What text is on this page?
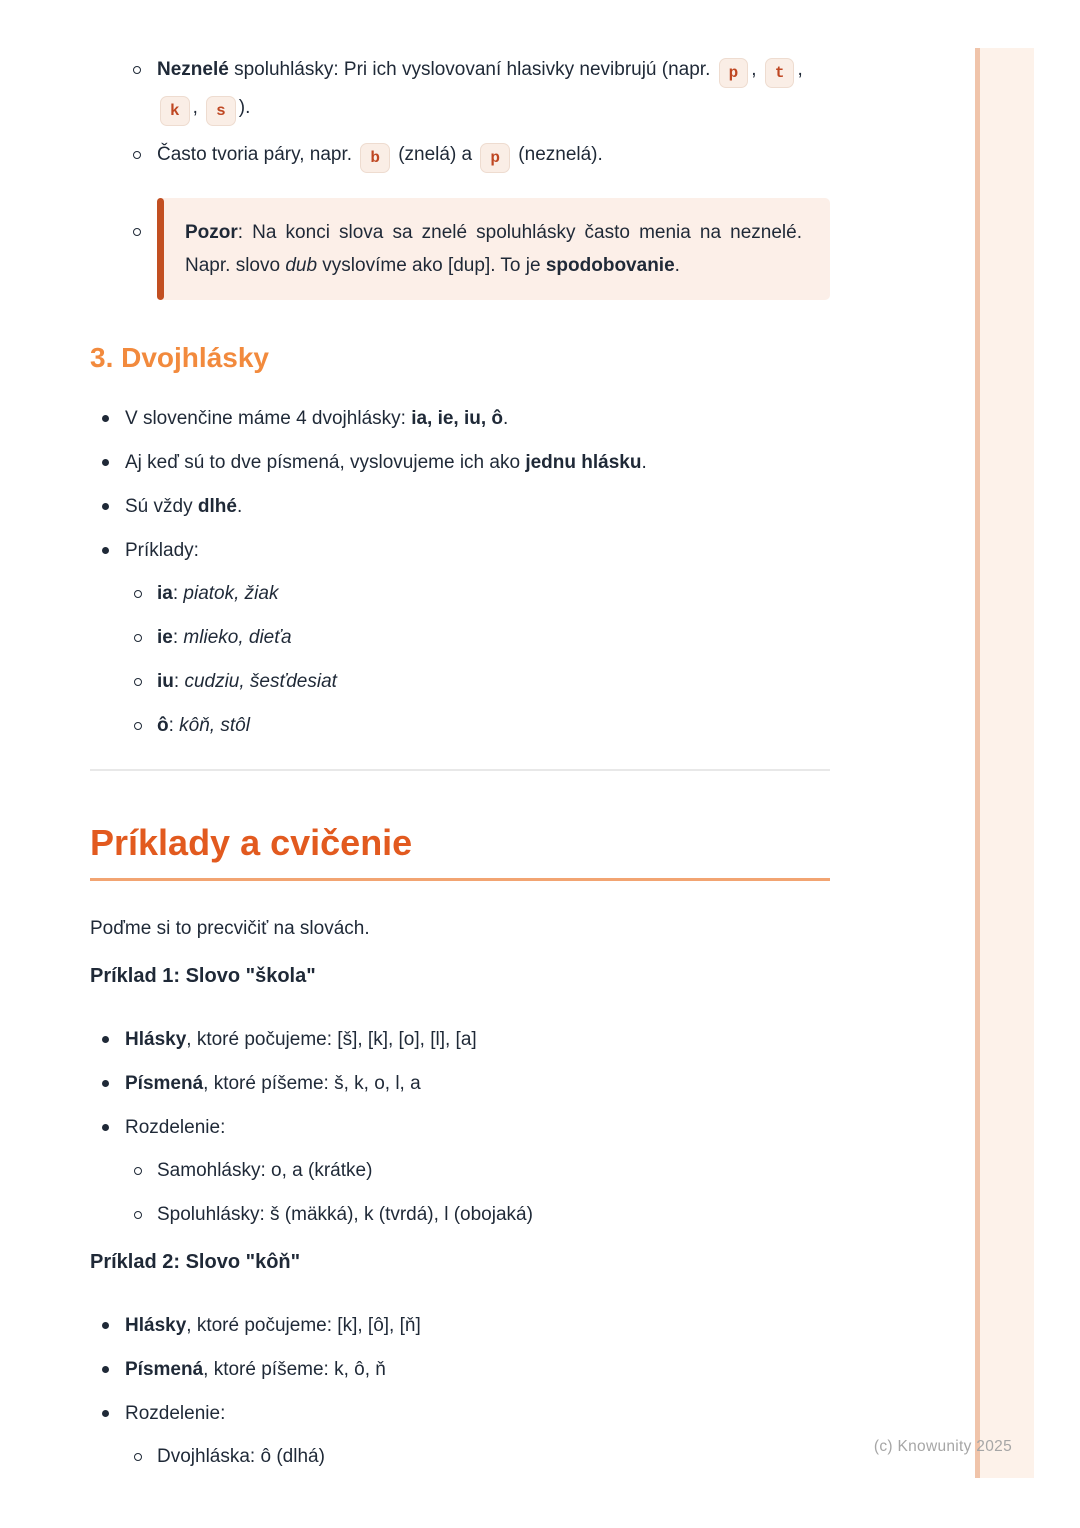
Neznelé spoluhlásky: Pri ich vyslovovaní hlasivky nevibrujú (napr. p , t , k , s ).
Často tvoria páry, napr. b (znelá) a p (neznelá).

Pozor: Na konci slova sa znelé spoluhlásky často menia na neznelé. Napr. slovo dub vyslovíme ako [dup]. To je spodobovanie.

3. Dvojhlásky
V slovenčine máme 4 dvojhlásky: ia, ie, iu, ô.
Aj keď sú to dve písmená, vyslovujeme ich ako jednu hlásku.
Sú vždy dlhé.
Príklady:
ia: piatok, žiak
ie: mlieko, dieťa
iu: cudziu, šesťdesiat
ô: kôň, stôl
Príklady a cvičenie

Poďme si to precvičiť na slovách.

Príklad 1: Slovo "škola"

Hlásky, ktoré počujeme: [š], [k], [o], [l], [a]
Písmená, ktoré píšeme: š, k, o, l, a
Rozdelenie:
Samohlásky: o, a (krátke)
Spoluhlásky: š (mäkká), k (tvrdá), l (obojaká)

Príklad 2: Slovo "kôň"

Hlásky, ktoré počujeme: [k], [ô], [ň]
Písmená, ktoré píšeme: k, ô, ň
Rozdelenie:
Dvojhláska: ô (dlhá)	(c) Knowunity 2025
